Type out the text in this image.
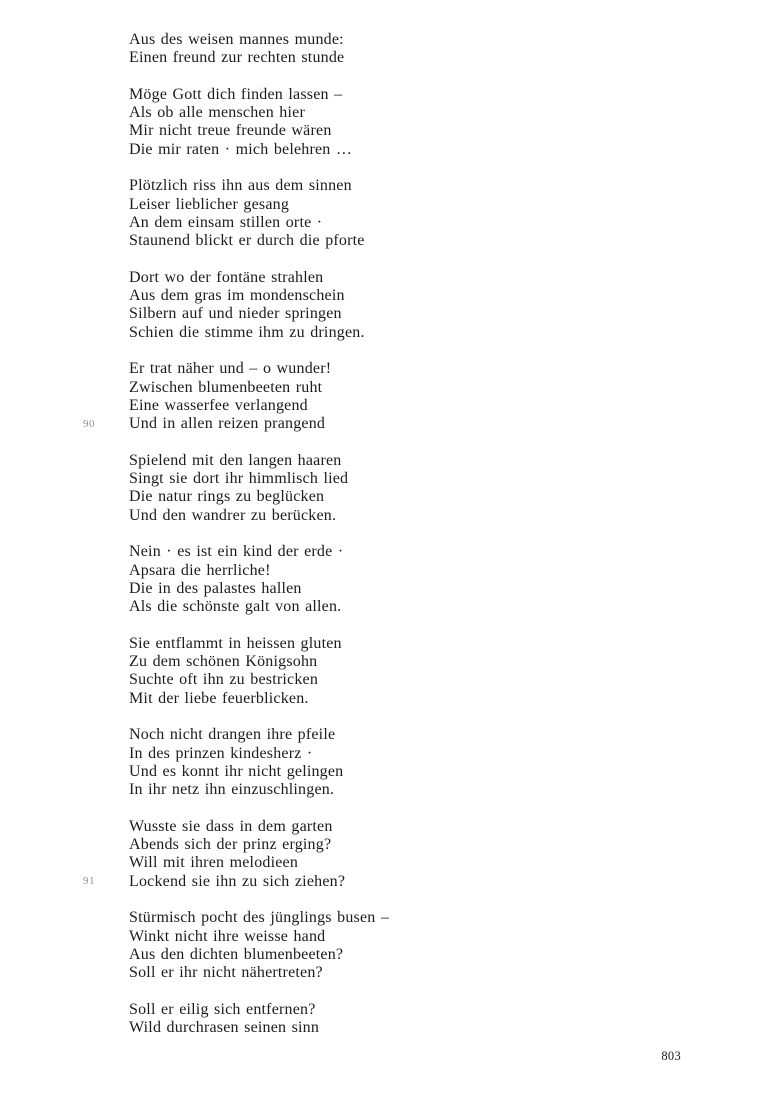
Aus des weisen mannes munde:
Einen freund zur rechten stunde
Möge Gott dich finden lassen –
Als ob alle menschen hier
Mir nicht treue freunde wären
Die mir raten · mich belehren …
Plötzlich riss ihn aus dem sinnen
Leiser lieblicher gesang
An dem einsam stillen orte ·
Staunend blickt er durch die pforte
Dort wo der fontäne strahlen
Aus dem gras im mondenschein
Silbern auf und nieder springen
Schien die stimme ihm zu dringen.
Er trat näher und – o wunder!
Zwischen blumenbeeten ruht
Eine wasserfee verlangend
90 Und in allen reizen prangend
Spielend mit den langen haaren
Singt sie dort ihr himmlisch lied
Die natur rings zu beglücken
Und den wandrer zu berücken.
Nein · es ist ein kind der erde ·
Apsara die herrliche!
Die in des palastes hallen
Als die schönste galt von allen.
Sie entflammt in heissen gluten
Zu dem schönen Königsohn
Suchte oft ihn zu bestricken
Mit der liebe feuerblicken.
Noch nicht drangen ihre pfeile
In des prinzen kindesherz ·
Und es konnt ihr nicht gelingen
In ihr netz ihn einzuschlingen.
Wusste sie dass in dem garten
Abends sich der prinz erging?
Will mit ihren melodieen
91 Lockend sie ihn zu sich ziehen?
Stürmisch pocht des jünglings busen –
Winkt nicht ihre weisse hand
Aus den dichten blumenbeeten?
Soll er ihr nicht nähertreten?
Soll er eilig sich entfernen?
Wild durchrasen seinen sinn
803
